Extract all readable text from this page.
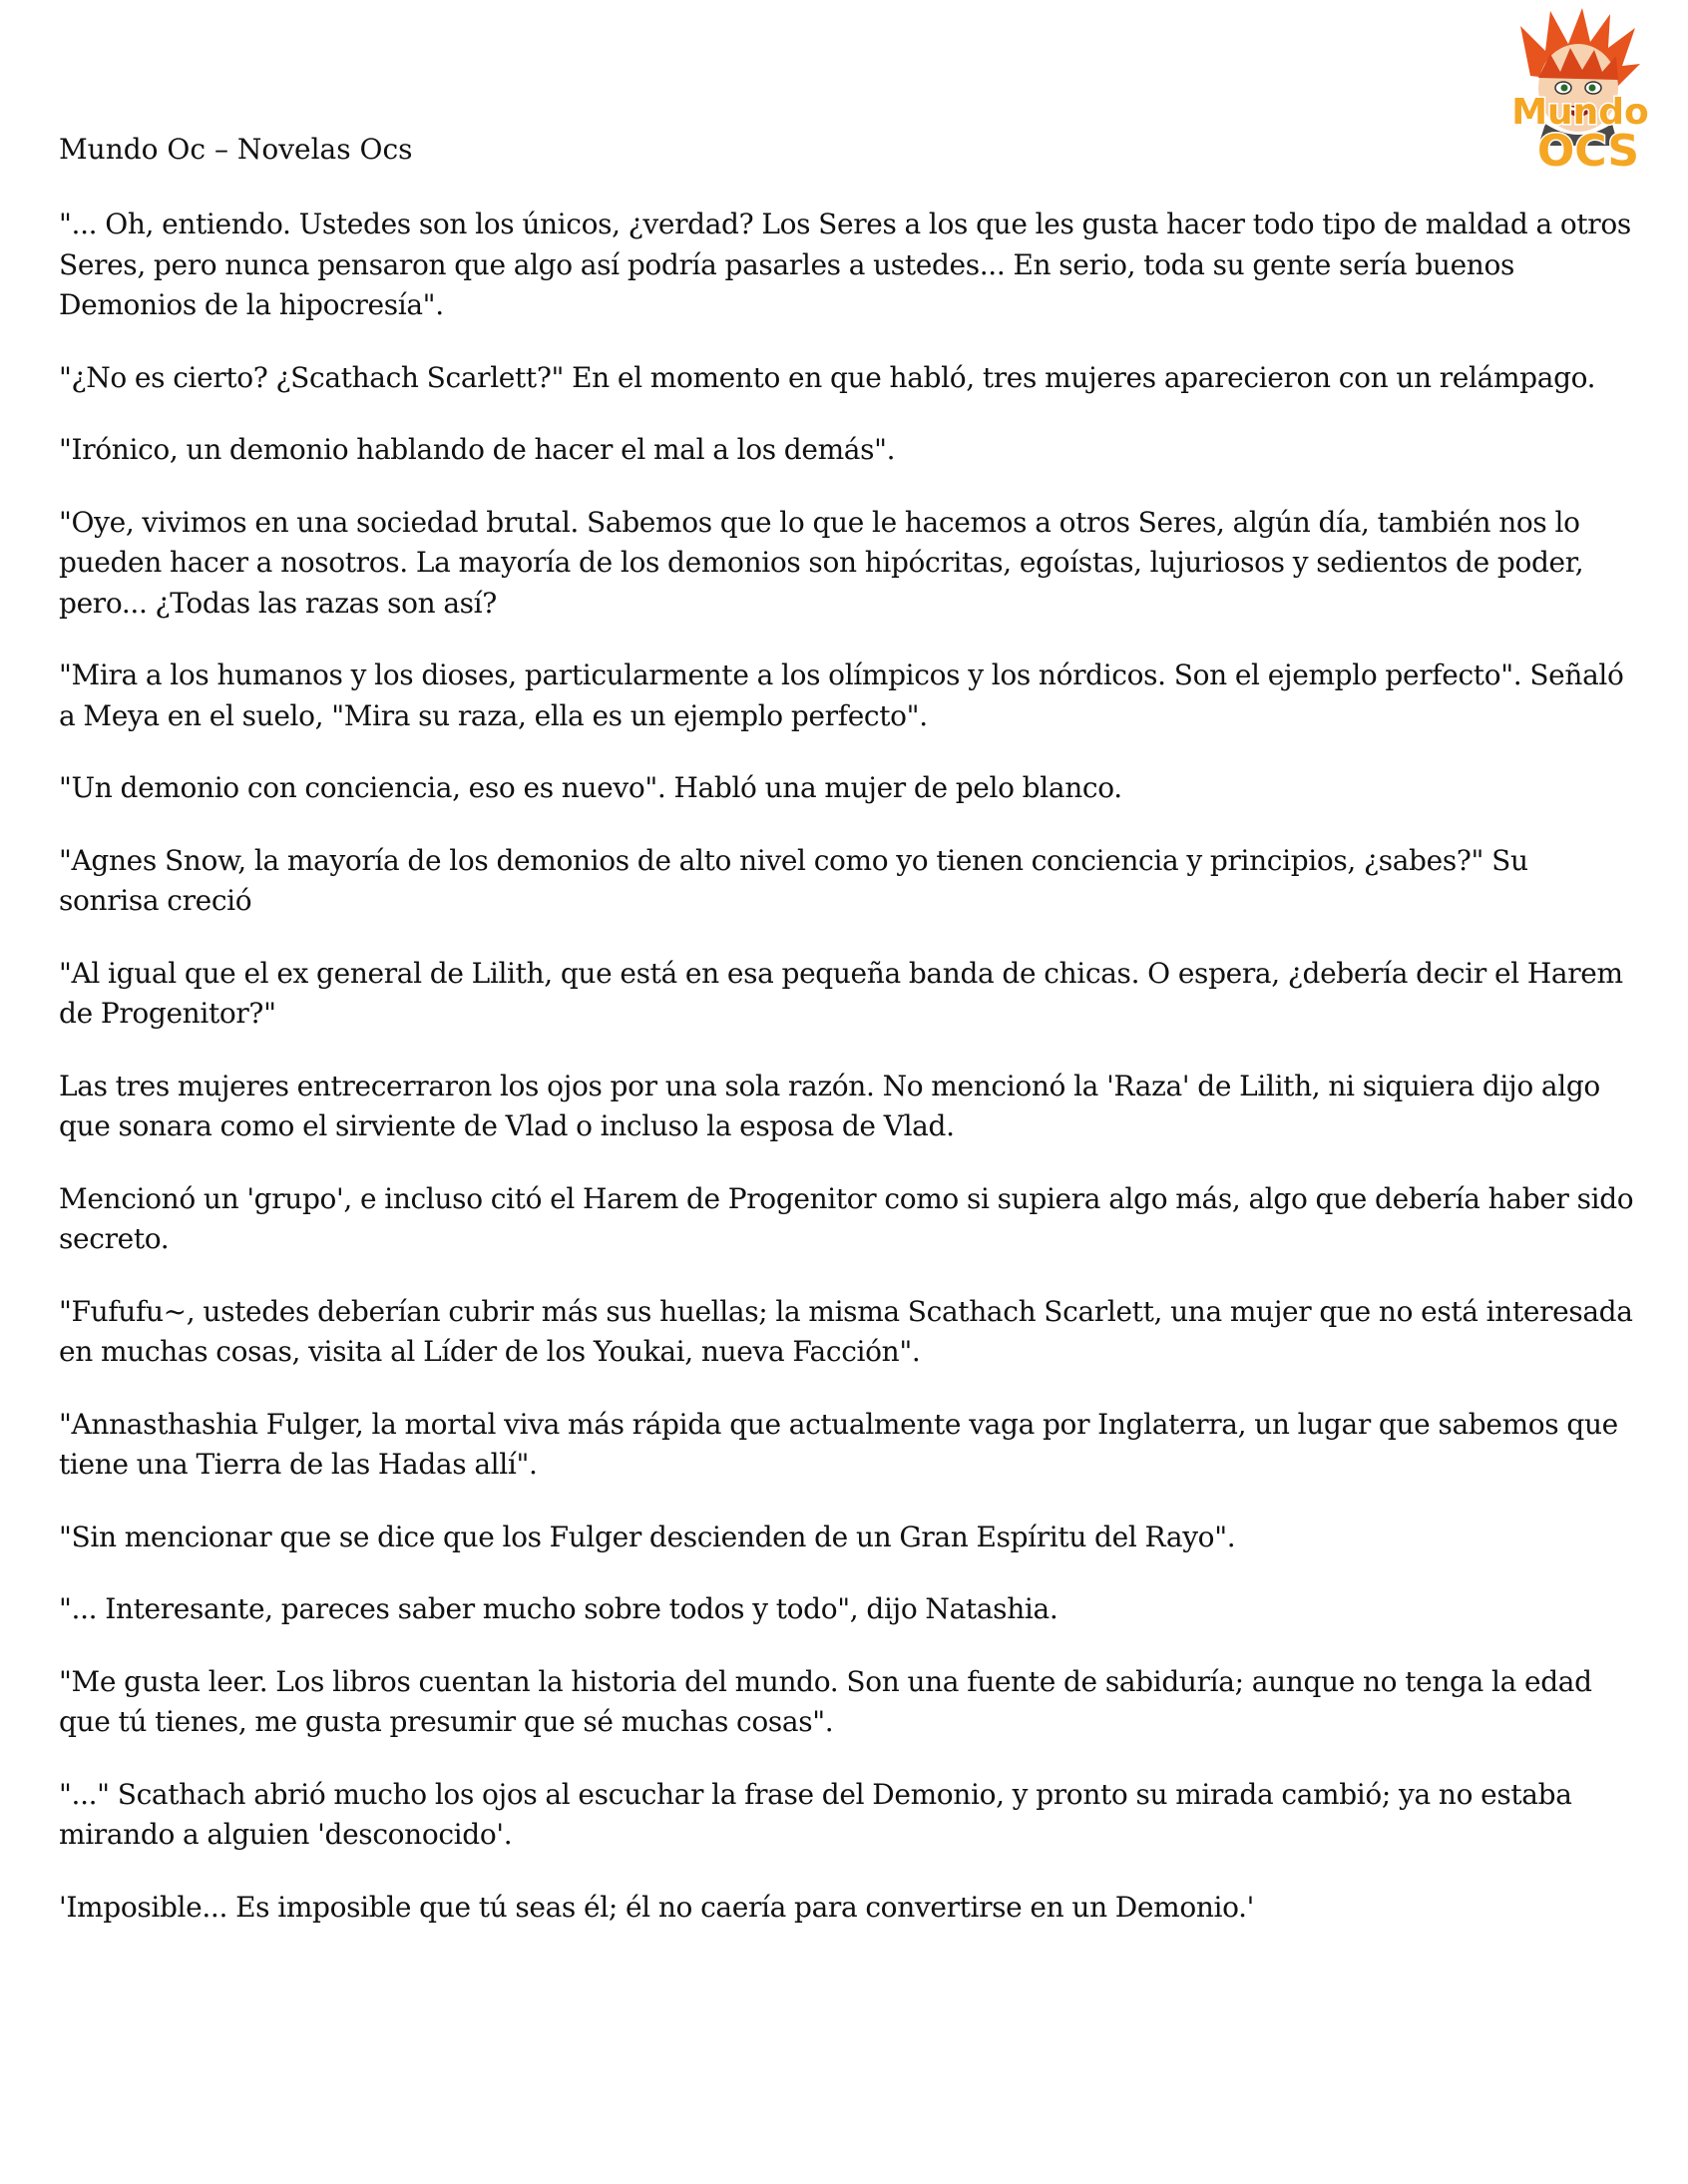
Mundo Oc – Novelas Ocs
Mundo
OCS

"... Oh, entiendo. Ustedes son los únicos, ¿verdad? Los Seres a los que les gusta hacer todo tipo de maldad a otros Seres, pero nunca pensaron que algo así podría pasarles a ustedes... En serio, toda su gente sería buenos Demonios de la hipocresía".

"¿No es cierto? ¿Scathach Scarlett?" En el momento en que habló, tres mujeres aparecieron con un relámpago.

"Irónico, un demonio hablando de hacer el mal a los demás".

"Oye, vivimos en una sociedad brutal. Sabemos que lo que le hacemos a otros Seres, algún día, también nos lo pueden hacer a nosotros. La mayoría de los demonios son hipócritas, egoístas, lujuriosos y sedientos de poder, pero... ¿Todas las razas son así?

"Mira a los humanos y los dioses, particularmente a los olímpicos y los nórdicos. Son el ejemplo perfecto". Señaló a Meya en el suelo, "Mira su raza, ella es un ejemplo perfecto".

"Un demonio con conciencia, eso es nuevo". Habló una mujer de pelo blanco.

"Agnes Snow, la mayoría de los demonios de alto nivel como yo tienen conciencia y principios, ¿sabes?" Su sonrisa creció

"Al igual que el ex general de Lilith, que está en esa pequeña banda de chicas. O espera, ¿debería decir el Harem de Progenitor?"

Las tres mujeres entrecerraron los ojos por una sola razón. No mencionó la 'Raza' de Lilith, ni siquiera dijo algo que sonara como el sirviente de Vlad o incluso la esposa de Vlad.

Mencionó un 'grupo', e incluso citó el Harem de Progenitor como si supiera algo más, algo que debería haber sido secreto.

"Fufufu~, ustedes deberían cubrir más sus huellas; la misma Scathach Scarlett, una mujer que no está interesada en muchas cosas, visita al Líder de los Youkai, nueva Facción".

"Annasthashia Fulger, la mortal viva más rápida que actualmente vaga por Inglaterra, un lugar que sabemos que tiene una Tierra de las Hadas allí".

"Sin mencionar que se dice que los Fulger descienden de un Gran Espíritu del Rayo".

"... Interesante, pareces saber mucho sobre todos y todo", dijo Natashia.

"Me gusta leer. Los libros cuentan la historia del mundo. Son una fuente de sabiduría; aunque no tenga la edad que tú tienes, me gusta presumir que sé muchas cosas".

"..." Scathach abrió mucho los ojos al escuchar la frase del Demonio, y pronto su mirada cambió; ya no estaba mirando a alguien 'desconocido'.

'Imposible... Es imposible que tú seas él; él no caería para convertirse en un Demonio.'
